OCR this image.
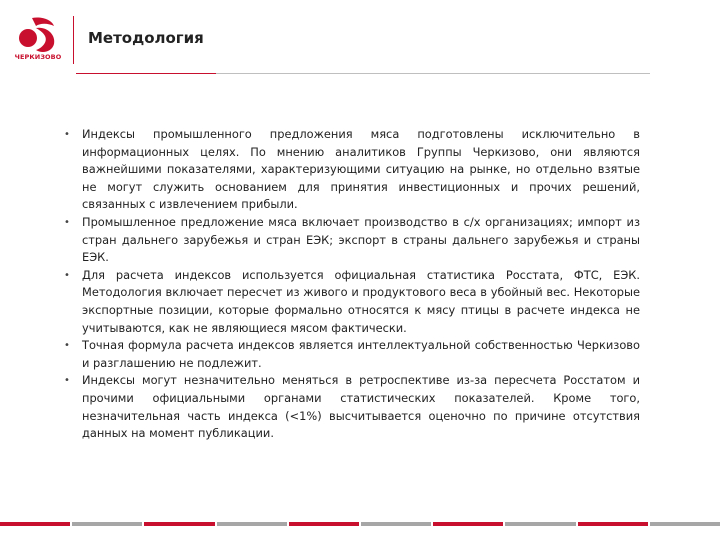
ЧЕРКИЗОВО
Методология
• Индексы промышленного предложения мяса подготовлены исключительно в информационных целях. По мнению аналитиков Группы Черкизово, они являются важнейшими показателями, характеризующими ситуацию на рынке, но отдельно взятые не могут служить основанием для принятия инвестиционных и прочих решений, связанных с извлечением прибыли.
• Промышленное предложение мяса включает производство в с/х организациях; импорт из стран дальнего зарубежья и стран ЕЭК; экспорт в страны дальнего зарубежья и страны ЕЭК.
• Для расчета индексов используется официальная статистика Росстата, ФТС, ЕЭК. Методология включает пересчет из живого и продуктового веса в убойный вес. Некоторые экспортные позиции, которые формально относятся к мясу птицы в расчете индекса не учитываются, как не являющиеся мясом фактически.
• Точная формула расчета индексов является интеллектуальной собственностью Черкизово и разглашению не подлежит.
• Индексы могут незначительно меняться в ретроспективе из-за пересчета Росстатом и прочими официальными органами статистических показателей. Кроме того, незначительная часть индекса (<1%) высчитывается оценочно по причине отсутствия данных на момент публикации.
